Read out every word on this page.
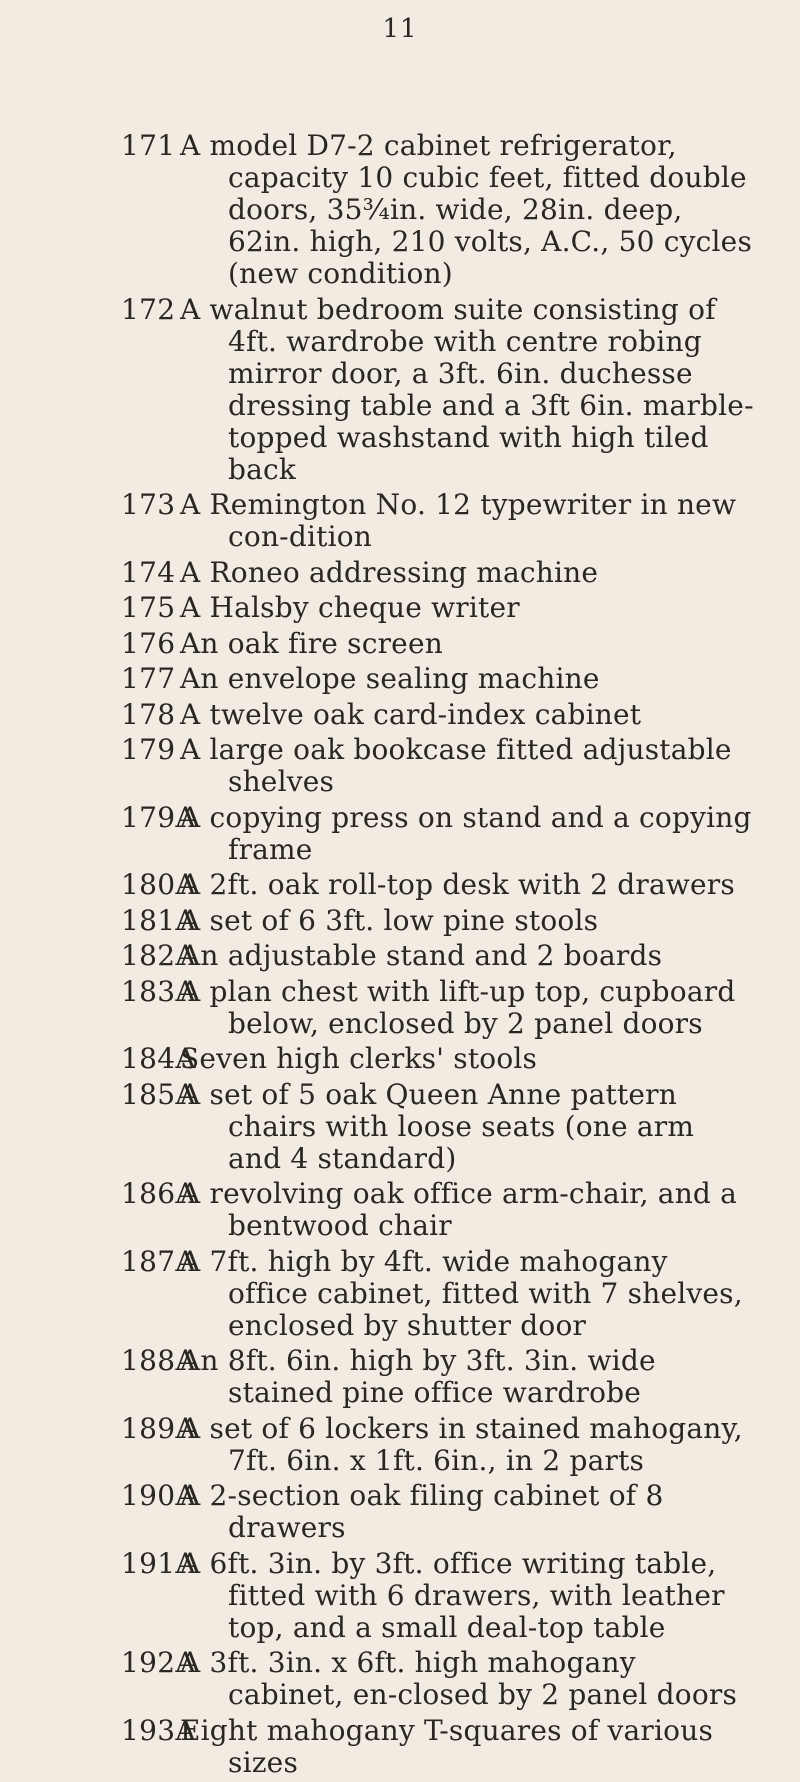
11
171 A model D7-2 cabinet refrigerator, capacity 10 cubic feet, fitted double doors, 35¾in. wide, 28in. deep, 62in. high, 210 volts, A.C., 50 cycles (new condition)
172 A walnut bedroom suite consisting of 4ft. wardrobe with centre robing mirror door, a 3ft. 6in. duchesse dressing table and a 3ft 6in. marble-topped washstand with high tiled back
173 A Remington No. 12 typewriter in new con-dition
174 A Roneo addressing machine
175 A Halsby cheque writer
176 An oak fire screen
177 An envelope sealing machine
178 A twelve oak card-index cabinet
179 A large oak bookcase fitted adjustable shelves
179A
A copying press on stand and a copying frame
180A
A 2ft. oak roll-top desk with 2 drawers
181A
A set of 6 3ft. low pine stools
182A
An adjustable stand and 2 boards
183A
A plan chest with lift-up top, cupboard below, enclosed by 2 panel doors
184A
Seven high clerks' stools
185A
A set of 5 oak Queen Anne pattern chairs with loose seats (one arm and 4 standard)
186A
A revolving oak office arm-chair, and a bentwood chair
187A
A 7ft. high by 4ft. wide mahogany office cabinet, fitted with 7 shelves, enclosed by shutter door
188A
An 8ft. 6in. high by 3ft. 3in. wide stained pine office wardrobe
189A
A set of 6 lockers in stained mahogany, 7ft. 6in. x 1ft. 6in., in 2 parts
190A
A 2-section oak filing cabinet of 8 drawers
191A
A 6ft. 3in. by 3ft. office writing table, fitted with 6 drawers, with leather top, and a small deal-top table
192A
A 3ft. 3in. x 6ft. high mahogany cabinet, en-closed by 2 panel doors
193A
Eight mahogany T-squares of various sizes
